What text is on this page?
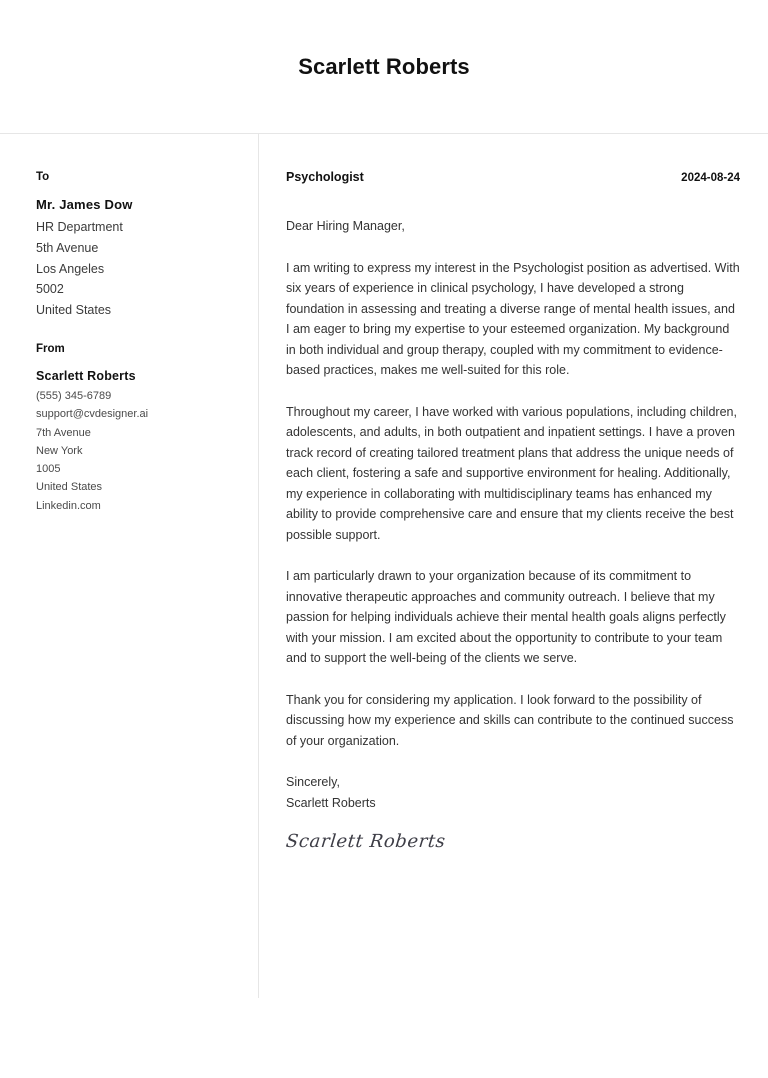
Scarlett Roberts
To
Mr. James Dow
HR Department
5th Avenue
Los Angeles
5002
United States
From
Scarlett Roberts
(555) 345-6789
support@cvdesigner.ai
7th Avenue
New York
1005
United States
Linkedin.com
Psychologist	2024-08-24
Dear Hiring Manager,

I am writing to express my interest in the Psychologist position as advertised. With six years of experience in clinical psychology, I have developed a strong foundation in assessing and treating a diverse range of mental health issues, and I am eager to bring my expertise to your esteemed organization. My background in both individual and group therapy, coupled with my commitment to evidence-based practices, makes me well-suited for this role.

Throughout my career, I have worked with various populations, including children, adolescents, and adults, in both outpatient and inpatient settings. I have a proven track record of creating tailored treatment plans that address the unique needs of each client, fostering a safe and supportive environment for healing. Additionally, my experience in collaborating with multidisciplinary teams has enhanced my ability to provide comprehensive care and ensure that my clients receive the best possible support.

I am particularly drawn to your organization because of its commitment to innovative therapeutic approaches and community outreach. I believe that my passion for helping individuals achieve their mental health goals aligns perfectly with your mission. I am excited about the opportunity to contribute to your team and to support the well-being of the clients we serve.

Thank you for considering my application. I look forward to the possibility of discussing how my experience and skills can contribute to the continued success of your organization.

Sincerely,
Scarlett Roberts
Scarlett Roberts
